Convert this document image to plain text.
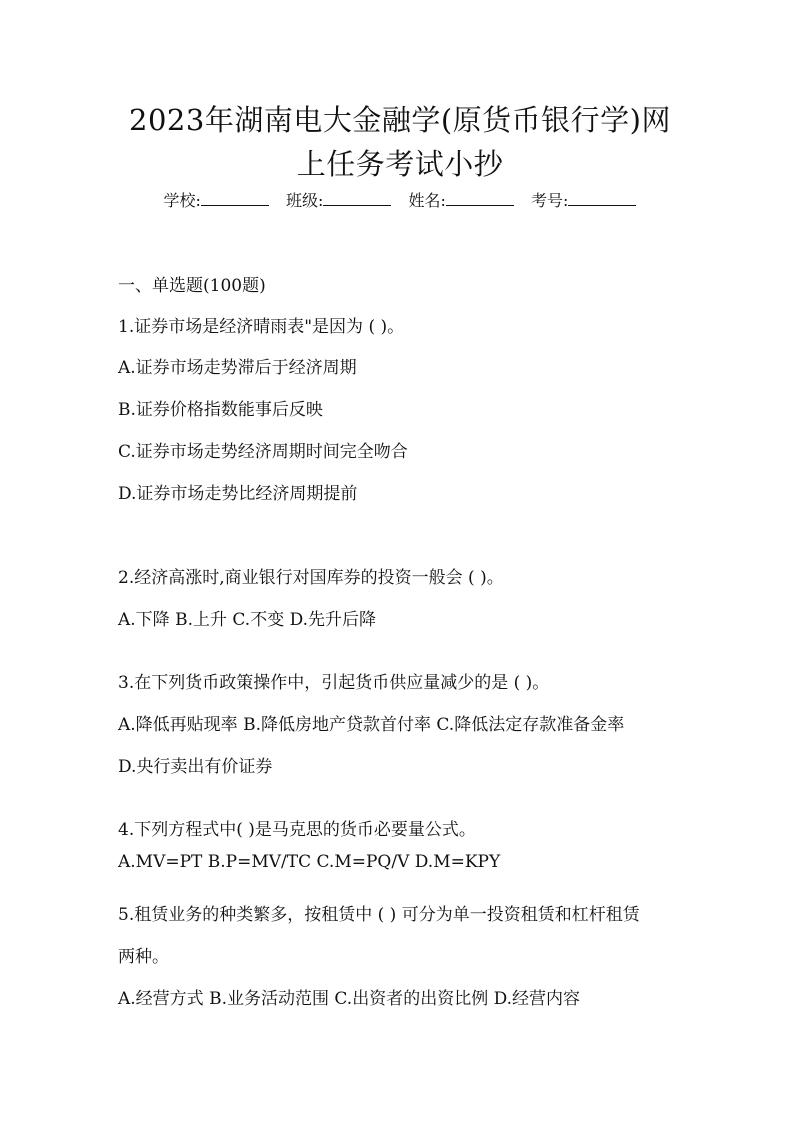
2023年湖南电大金融学(原货币银行学)网
上任务考试小抄
学校:	班级:	姓名:	考号:
一、单选题(100题)
1.证券市场是经济晴雨表"是因为 ( )。
A.证券市场走势滞后于经济周期
B.证券价格指数能事后反映
C.证券市场走势经济周期时间完全吻合
D.证券市场走势比经济周期提前
2.经济高涨时,商业银行对国库券的投资一般会 ( )。
A.下降 B.上升 C.不变 D.先升后降
3.在下列货币政策操作中，引起货币供应量减少的是 ( )。
A.降低再贴现率 B.降低房地产贷款首付率 C.降低法定存款准备金率
D.央行卖出有价证券
4.下列方程式中( )是马克思的货币必要量公式。
A.MV=PT B.P=MV/TC C.M=PQ/V D.M=KPY
5.租赁业务的种类繁多，按租赁中 ( ) 可分为单一投资租赁和杠杆租赁
两种。
A.经营方式 B.业务活动范围 C.出资者的出资比例 D.经营内容
